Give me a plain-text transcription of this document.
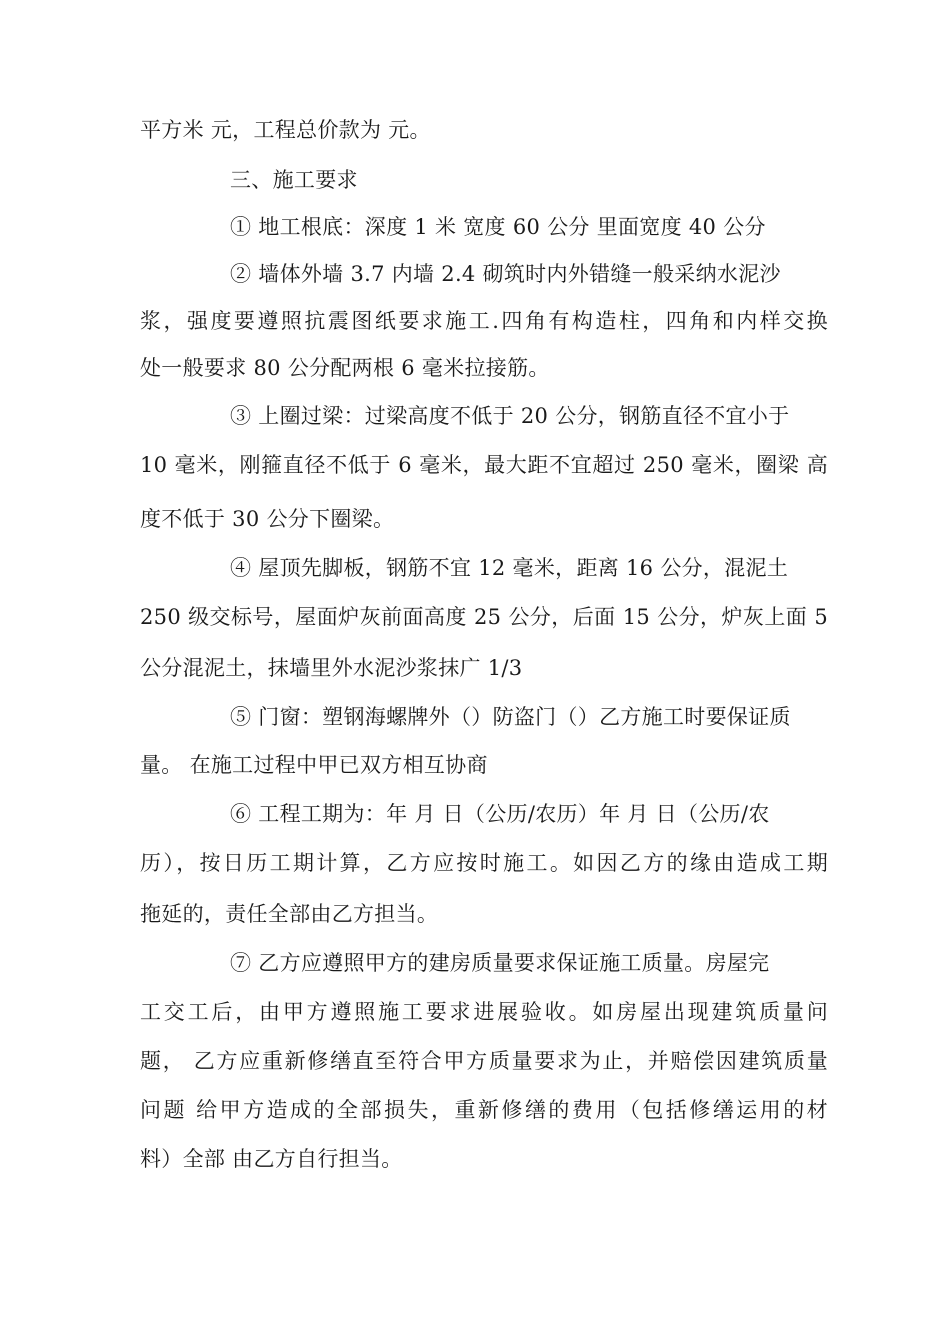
平方米 元，工程总价款为 元。
三、施工要求
① 地工根底：深度 1 米 宽度 60 公分 里面宽度 40 公分
② 墙体外墙 3.7 内墙 2.4 砌筑时内外错缝一般采纳水泥沙
浆，强度要遵照抗震图纸要求施工.四角有构造柱，四角和内样交换
处一般要求 80 公分配两根 6 毫米拉接筋。
③ 上圈过梁：过梁高度不低于 20 公分，钢筋直径不宜小于
10 毫米，刚箍直径不低于 6 毫米，最大距不宜超过 250 毫米，圈梁 高
度不低于 30 公分下圈梁。
④ 屋顶先脚板，钢筋不宜 12 毫米，距离 16 公分，混泥土
250 级交标号，屋面炉灰前面高度 25 公分，后面 15 公分，炉灰上面 5
公分混泥土，抹墙里外水泥沙浆抹广 1/3
⑤ 门窗：塑钢海螺牌外（）防盗门（）乙方施工时要保证质
量。 在施工过程中甲已双方相互协商
⑥ 工程工期为：年 月 日（公历/农历）年 月 日（公历/农
历），按日历工期计算，乙方应按时施工。如因乙方的缘由造成工期
拖延的，责任全部由乙方担当。
⑦ 乙方应遵照甲方的建房质量要求保证施工质量。房屋完
工交工后，由甲方遵照施工要求进展验收。如房屋出现建筑质量问
题， 乙方应重新修缮直至符合甲方质量要求为止，并赔偿因建筑质量
问题 给甲方造成的全部损失，重新修缮的费用（包括修缮运用的材
料）全部 由乙方自行担当。
